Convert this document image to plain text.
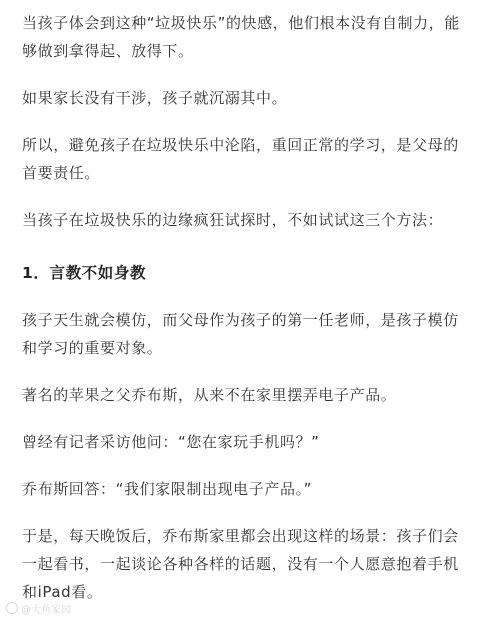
当孩子体会到这种“垃圾快乐”的快感，他们根本没有自制力，能够做到拿得起、放得下。

如果家长没有干涉，孩子就沉溺其中。

所以，避免孩子在垃圾快乐中沦陷，重回正常的学习，是父母的首要责任。

当孩子在垃圾快乐的边缘疯狂试探时，不如试试这三个方法：

1．言教不如身教

孩子天生就会模仿，而父母作为孩子的第一任老师，是孩子模仿和学习的重要对象。

著名的苹果之父乔布斯，从来不在家里摆弄电子产品。

曾经有记者采访他问：“您在家玩手机吗？”

乔布斯回答：“我们家限制出现电子产品。”

于是，每天晚饭后，乔布斯家里都会出现这样的场景：孩子们会一起看书，一起谈论各种各样的话题，没有一个人愿意抱着手机和iPad看。

@大鱼家园
